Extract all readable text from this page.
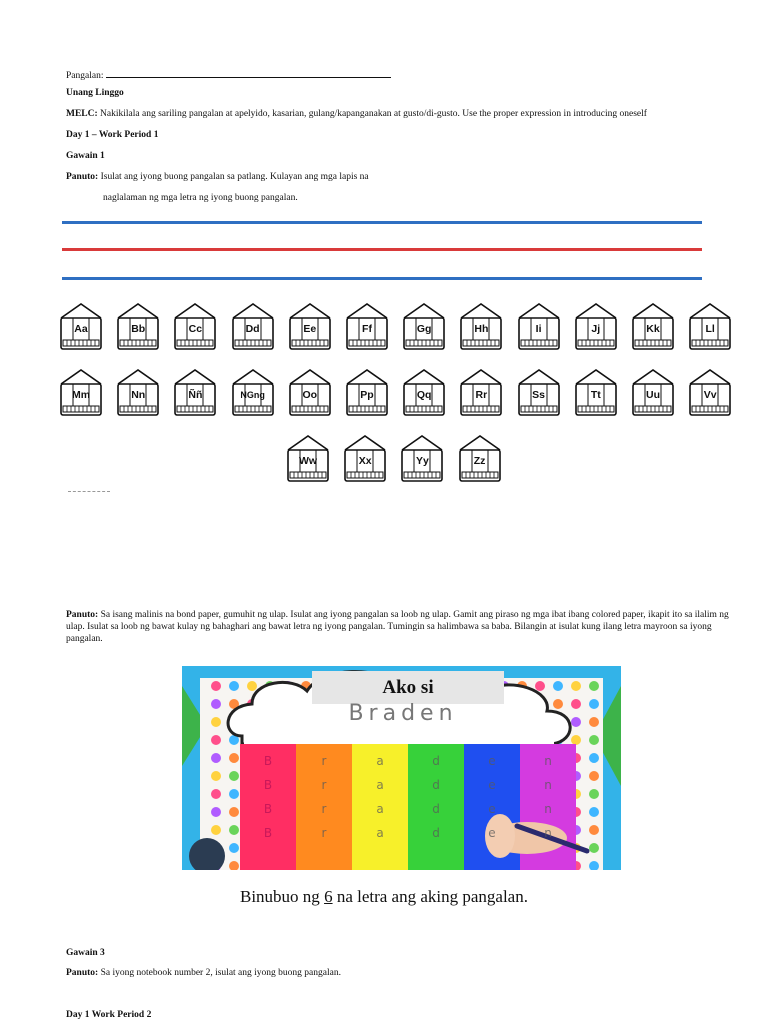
Pangalan:
Unang Linggo
MELC: Nakikilala ang sariling pangalan at apelyido, kasarian, gulang/kapanganakan at gusto/di-gusto. Use the proper expression in introducing oneself
Day 1 – Work Period 1
Gawain 1
Panuto: Isulat ang iyong buong pangalan sa patlang. Kulayan ang mga lapis na
naglalaman ng mga letra ng iyong buong pangalan.
Aa	Bb	Cc	Dd	Ee	Ff	Gg	Hh	Ii	Jj	Kk	Ll
Mm	Nn	Ññ	NGng	Oo	Pp	Qq	Rr	Ss	Tt	Uu	Vv
Ww	Xx	Yy	Zz
Panuto: Sa isang malinis na bond paper, gumuhit ng ulap. Isulat ang iyong pangalan sa loob ng ulap. Gamit ang piraso ng mga ibat ibang colored paper, ikapit ito sa ilalim ng ulap. Isulat sa loob ng bawat kulay ng bahaghari ang bawat letra ng iyong pangalan. Tumingin sa halimbawa sa baba. Bilangin at isulat kung ilang letra mayroon sa iyong pangalan.
Ako si
Braden
B
B
B
B
r
r
r
r
a
a
a
a
d
d
d
d
e
e
e
e
n
n
n
n
Binubuo ng 6 na letra ang aking pangalan.
Gawain 3
Panuto: Sa iyong notebook number 2, isulat ang iyong buong pangalan.
Day 1 Work Period 2
